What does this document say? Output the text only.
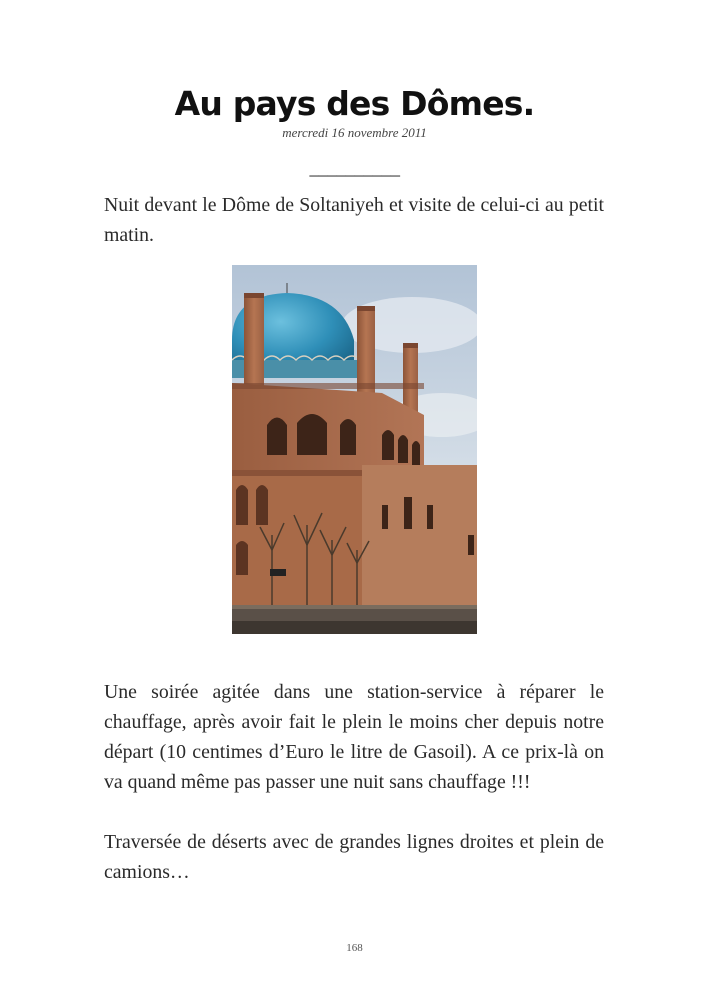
Au pays des Dômes.
mercredi 16 novembre 2011
__________

Nuit devant le Dôme de Soltaniyeh et visite de celui-ci au petit matin.

Une soirée agitée dans une station-service à réparer le chauffage, après avoir fait le plein le moins cher depuis notre départ (10 centimes d’Euro le litre de Gasoil). A ce prix-là on va quand même pas passer une nuit sans chauffage !!!

Traversée de déserts avec de grandes lignes droites et plein de camions…

168
